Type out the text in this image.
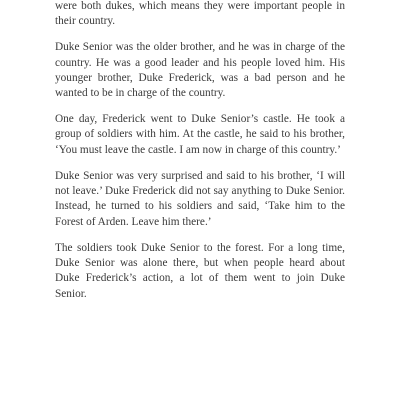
were both dukes, which means they were important people in their country.

Duke Senior was the older brother, and he was in charge of the country. He was a good leader and his people loved him. His younger brother, Duke Frederick, was a bad person and he wanted to be in charge of the country.

One day, Frederick went to Duke Senior’s castle. He took a group of soldiers with him. At the castle, he said to his brother, ‘You must leave the castle. I am now in charge of this country.’

Duke Senior was very surprised and said to his brother, ‘I will not leave.’ Duke Frederick did not say anything to Duke Senior. Instead, he turned to his soldiers and said, ‘Take him to the Forest of Arden. Leave him there.’

The soldiers took Duke Senior to the forest. For a long time, Duke Senior was alone there, but when people heard about Duke Frederick’s action, a lot of them went to join Duke Senior.
